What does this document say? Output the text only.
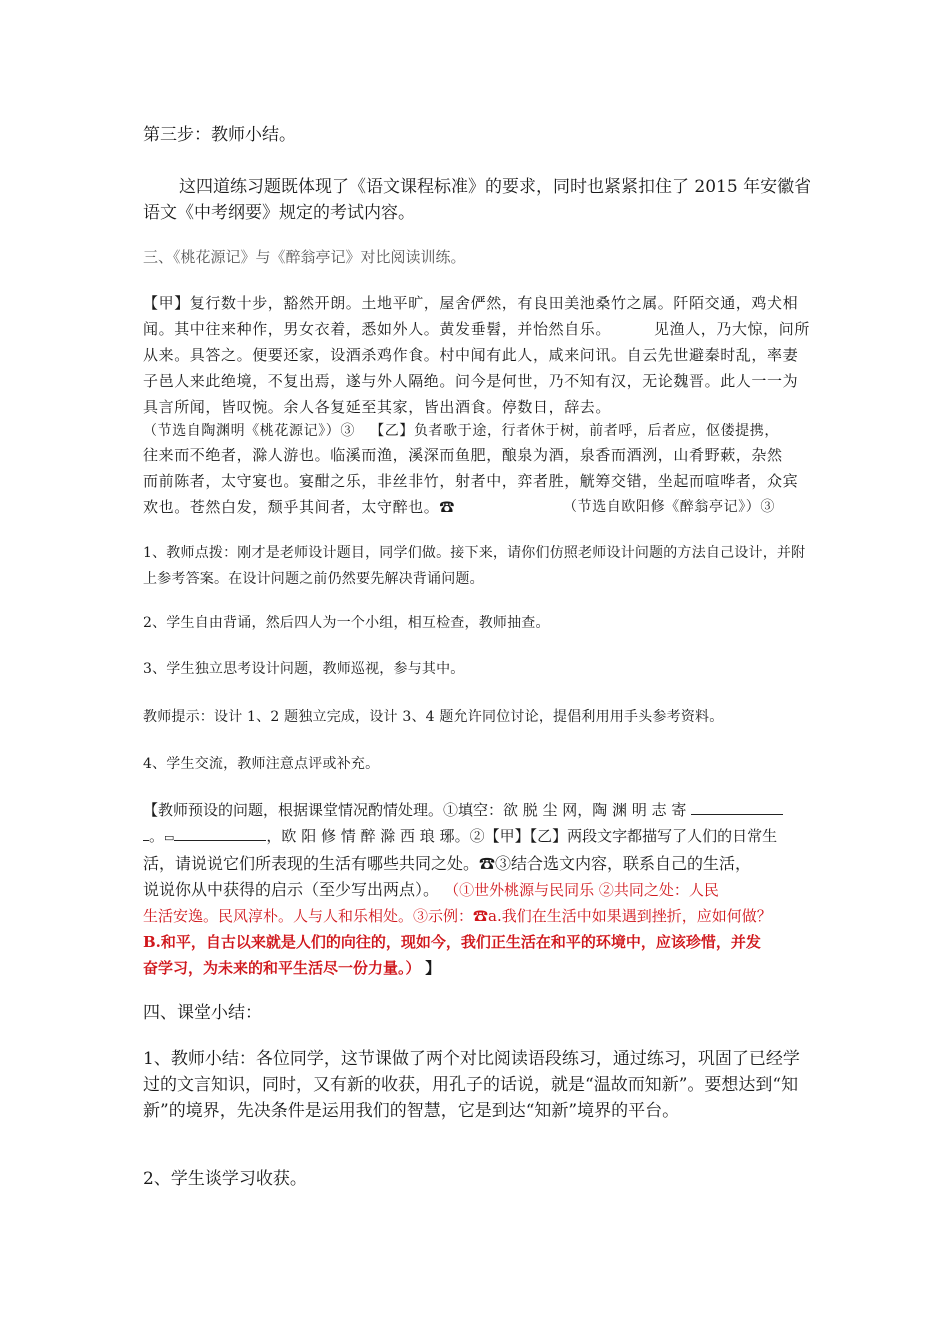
第三步：教师小结。

这四道练习题既体现了《语文课程标准》的要求，同时也紧紧扣住了 2015 年安徽省语文《中考纲要》规定的考试内容。

三、《桃花源记》与《醉翁亭记》对比阅读训练。

【甲】复行数十步，豁然开朗。土地平旷，屋舍俨然，有良田美池桑竹之属。阡陌交通，鸡犬相
闻。其中往来种作，男女衣着，悉如外人。黄发垂髫，并怡然自乐。        见渔人，乃大惊，问所
从来。具答之。便要还家，设酒杀鸡作食。村中闻有此人，咸来问讯。自云先世避秦时乱，率妻
子邑人来此绝境，不复出焉，遂与外人隔绝。问今是何世，乃不知有汉，无论魏晋。此人一一为
具言所闻，皆叹惋。余人各复延至其家，皆出酒食。停数日，辞去。
（节选自陶渊明《桃花源记》）③   【乙】负者歌于途，行者休于树，前者呼，后者应，伛偻提携，
往来而不绝者，滁人游也。临溪而渔，溪深而鱼肥，酿泉为酒，泉香而酒洌，山肴野蔌，杂然
而前陈者，太守宴也。宴酣之乐，非丝非竹，射者中，弈者胜，觥筹交错，坐起而喧哗者，众宾
欢也。苍然白发，颓乎其间者，太守醉也。☎	（节选自欧阳修《醉翁亭记》）③

1、教师点拨：刚才是老师设计题目，同学们做。接下来，请你们仿照老师设计问题的方法自己设计，并附上参考答案。在设计问题之前仍然要先解决背诵问题。

2、学生自由背诵，然后四人为一个小组，相互检查，教师抽查。

3、学生独立思考设计问题，教师巡视，参与其中。

教师提示：设计 1、2 题独立完成，设计 3、4 题允许同位讨论，提倡利用用手头参考资料。

4、学生交流，教师注意点评或补充。

【教师预设的问题，根据课堂情况酌情处理。①填空：欲 脱 尘 网，陶 渊 明 志 寄
。▭	，欧 阳 修 情 醉 滁 西 琅 琊。②【甲】【乙】两段文字都描写了人们的日常生
活，请说说它们所表现的生活有哪些共同之处。☎③结合选文内容，联系自己的生活，
说说你从中获得的启示（至少写出两点）。 （①世外桃源与民同乐 ②共同之处：人民
生活安逸。民风淳朴。人与人和乐相处。③示例：☎a.我们在生活中如果遇到挫折，应如何做？
B.和平，自古以来就是人们的向往的，现如今，我们正生活在和平的环境中，应该珍惜，并发
奋学习，为未来的和平生活尽一份力量。） 】

四、课堂小结：

1、教师小结：各位同学，这节课做了两个对比阅读语段练习，通过练习，巩固了已经学过的文言知识，同时，又有新的收获，用孔子的话说，就是“温故而知新”。要想达到“知新”的境界，先决条件是运用我们的智慧，它是到达“知新”境界的平台。

2、学生谈学习收获。
